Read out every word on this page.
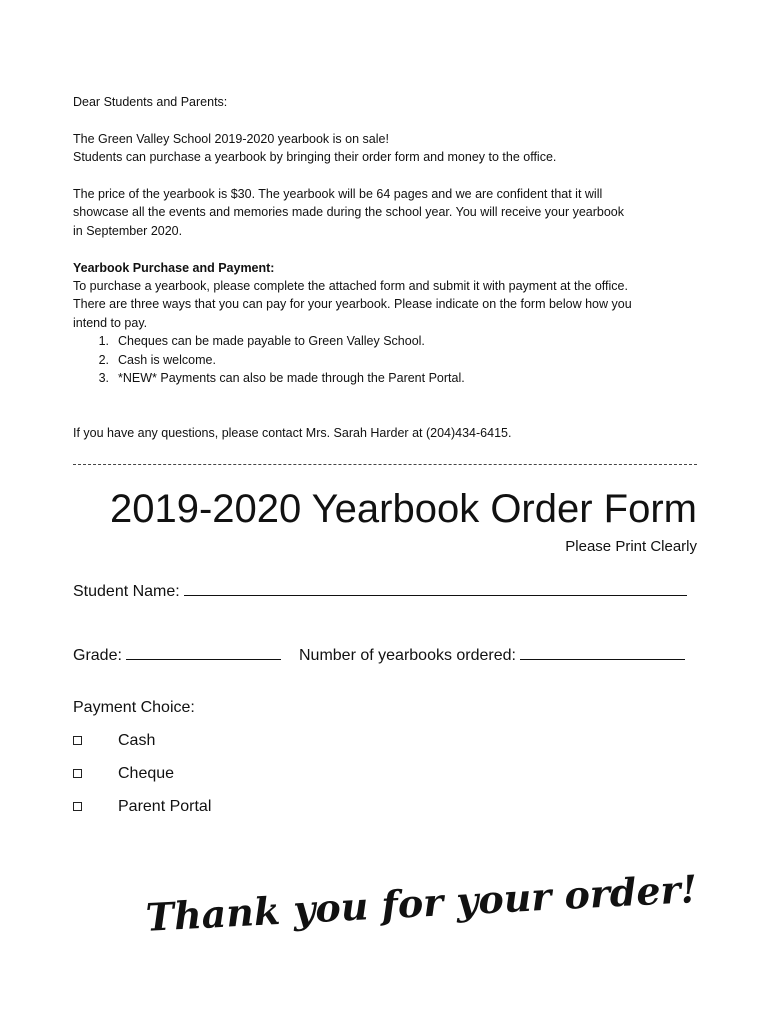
Dear Students and Parents:

The Green Valley School 2019-2020 yearbook is on sale!

Students can purchase a yearbook by bringing their order form and money to the office.

The price of the yearbook is $30. The yearbook will be 64 pages and we are confident that it will

showcase all the events and memories made during the school year. You will receive your yearbook

in September 2020.

Yearbook Purchase and Payment:

To purchase a yearbook, please complete the attached form and submit it with payment at the office.

There are three ways that you can pay for your yearbook. Please indicate on the form below how you

intend to pay.

1. Cheques can be made payable to Green Valley School.
2. Cash is welcome.
3. *NEW* Payments can also be made through the Parent Portal.

If you have any questions, please contact Mrs. Sarah Harder at (204)434-6415.

2019-2020 Yearbook Order Form
Please Print Clearly
Student Name:
Grade:	Number of yearbooks ordered:
Payment Choice:
Cash
Cheque
Parent Portal
Thank you for your order!
